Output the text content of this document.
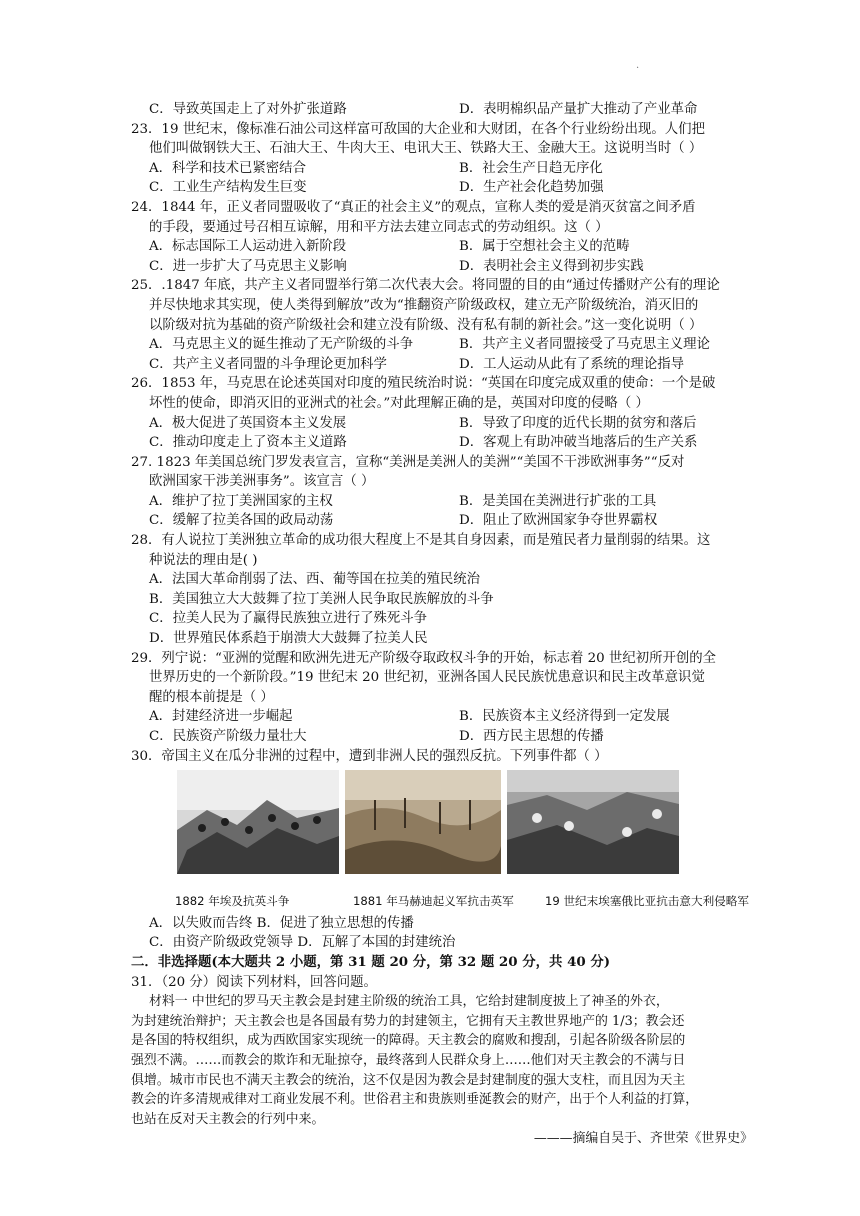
.
C．导致英国走上了对外扩张道路	D．表明棉织品产量扩大推动了产业革命
23．19 世纪末，像标准石油公司这样富可敌国的大企业和大财团，在各个行业纷纷出现。人们把
他们叫做钢铁大王、石油大王、牛肉大王、电讯大王、铁路大王、金融大王。这说明当时（ ）
A．科学和技术已紧密结合	B．社会生产日趋无序化
C．工业生产结构发生巨变	D．生产社会化趋势加强
24．1844 年，正义者同盟吸收了“真正的社会主义”的观点，宣称人类的爱是消灭贫富之间矛盾
的手段，要通过号召相互谅解，用和平方法去建立同志式的劳动组织。这（ ）
A．标志国际工人运动进入新阶段	B．属于空想社会主义的范畴
C．进一步扩大了马克思主义影响	D．表明社会主义得到初步实践
25．.1847 年底，共产主义者同盟举行第二次代表大会。将同盟的目的由“通过传播财产公有的理论
并尽快地求其实现，使人类得到解放”改为“推翻资产阶级政权，建立无产阶级统治，消灭旧的
以阶级对抗为基础的资产阶级社会和建立没有阶级、没有私有制的新社会。”这一变化说明（ ）
A．马克思主义的诞生推动了无产阶级的斗争	B．共产主义者同盟接受了马克思主义理论
C．共产主义者同盟的斗争理论更加科学	D．工人运动从此有了系统的理论指导
26．1853 年，马克思在论述英国对印度的殖民统治时说：“英国在印度完成双重的使命：一个是破
坏性的使命，即消灭旧的亚洲式的社会。”对此理解正确的是，英国对印度的侵略（ ）
A．极大促进了英国资本主义发展	B．导致了印度的近代长期的贫穷和落后
C．推动印度走上了资本主义道路	D．客观上有助冲破当地落后的生产关系
27. 1823 年美国总统门罗发表宣言，宣称“美洲是美洲人的美洲”“美国不干涉欧洲事务”“反对
欧洲国家干涉美洲事务”。该宣言（ ）
A．维护了拉丁美洲国家的主权	B．是美国在美洲进行扩张的工具
C．缓解了拉美各国的政局动荡	D．阻止了欧洲国家争夺世界霸权
28．有人说拉丁美洲独立革命的成功很大程度上不是其自身因素，而是殖民者力量削弱的结果。这
种说法的理由是( )
A．法国大革命削弱了法、西、葡等国在拉美的殖民统治
B．美国独立大大鼓舞了拉丁美洲人民争取民族解放的斗争
C．拉美人民为了赢得民族独立进行了殊死斗争
D．世界殖民体系趋于崩溃大大鼓舞了拉美人民
29．列宁说：“亚洲的觉醒和欧洲先进无产阶级夺取政权斗争的开始，标志着 20 世纪初所开创的全
世界历史的一个新阶段。”19 世纪末 20 世纪初，亚洲各国人民民族忧患意识和民主改革意识觉
醒的根本前提是（ ）
A．封建经济进一步崛起	B．民族资本主义经济得到一定发展
C．民族资产阶级力量壮大	D．西方民主思想的传播
30．帝国主义在瓜分非洲的过程中，遭到非洲人民的强烈反抗。下列事件都（ ）
1882 年埃及抗英斗争	1881 年马赫迪起义军抗击英军	19 世纪末埃塞俄比亚抗击意大利侵略军
A．以失败而告终 B．促进了独立思想的传播
C．由资产阶级政党领导 D．瓦解了本国的封建统治
二．非选择题(本大题共 2 小题，第 31 题 20 分，第 32 题 20 分，共 40 分)
31．（20 分）阅读下列材料，回答问题。
材料一 中世纪的罗马天主教会是封建主阶级的统治工具，它给封建制度披上了神圣的外衣，
为封建统治辩护；天主教会也是各国最有势力的封建领主，它拥有天主教世界地产的 1/3；教会还
是各国的特权组织，成为西欧国家实现统一的障碍。天主教会的腐败和搜刮，引起各阶级各阶层的
强烈不满。……而教会的欺诈和无耻掠夺，最终落到人民群众身上……他们对天主教会的不满与日
俱增。城市市民也不满天主教会的统治，这不仅是因为教会是封建制度的强大支柱，而且因为天主
教会的许多清规戒律对工商业发展不利。世俗君主和贵族则垂涎教会的财产，出于个人利益的打算，
也站在反对天主教会的行列中来。
———摘编自吴于、齐世荣《世界史》
